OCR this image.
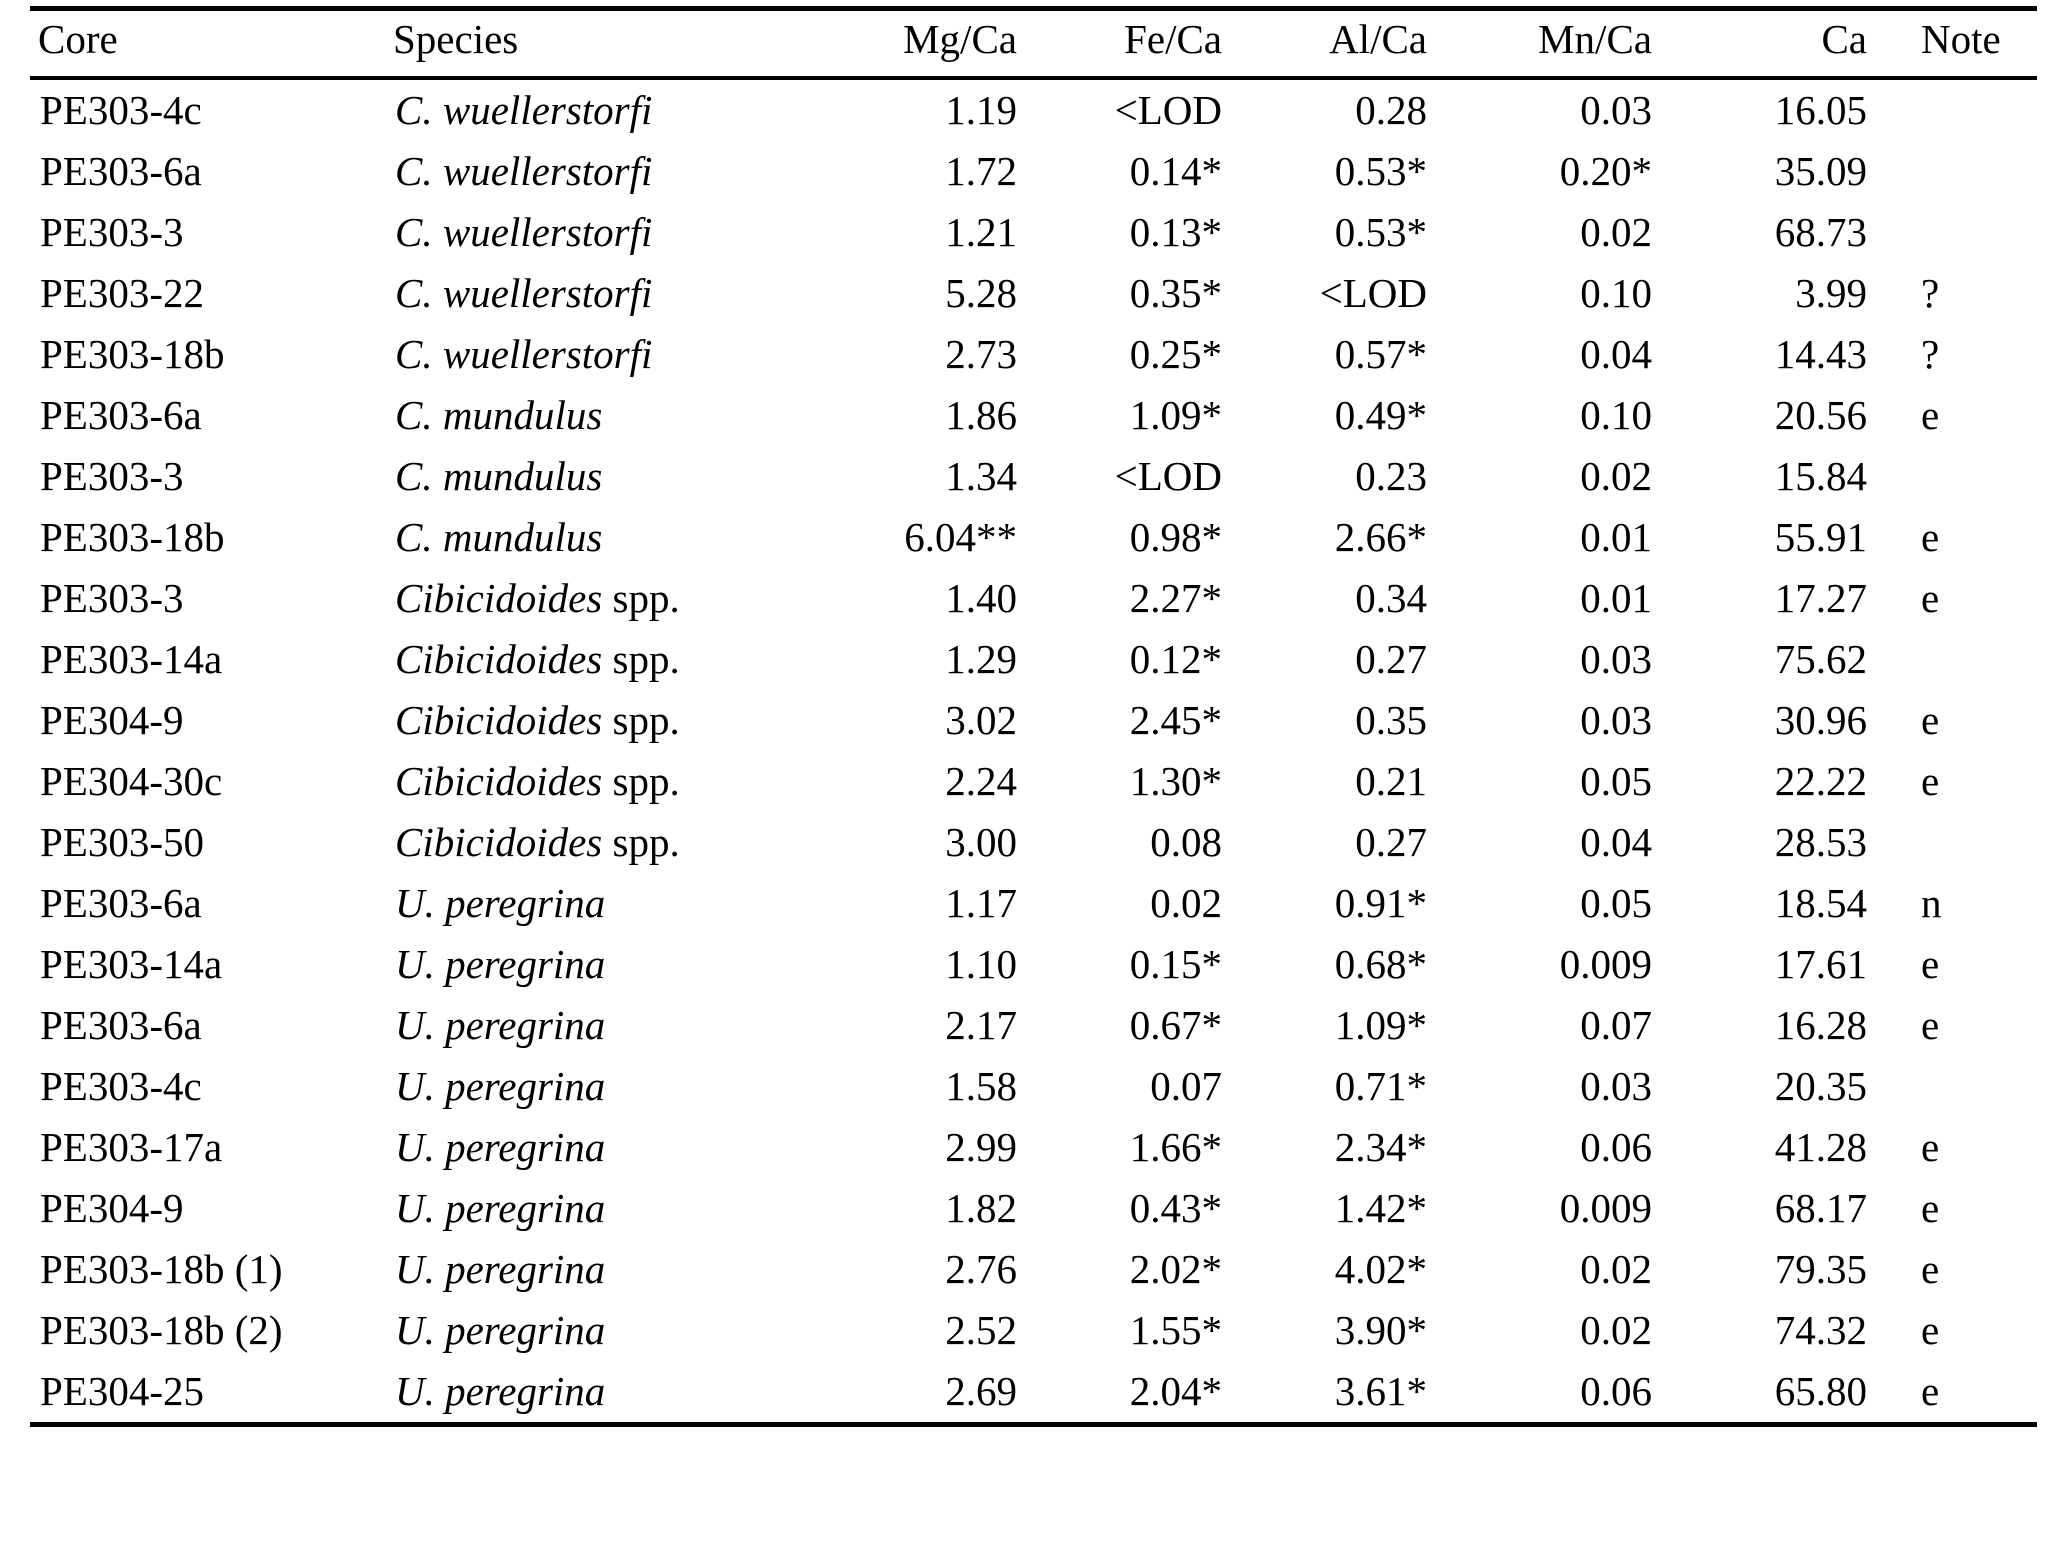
Core	Species	Mg/Ca	Fe/Ca	Al/Ca	Mn/Ca	Ca	Note
PE303-4c	C. wuellerstorfi	1.19	<LOD	0.28	0.03	16.05	
PE303-6a	C. wuellerstorfi	1.72	0.14*	0.53*	0.20*	35.09	
PE303-3	C. wuellerstorfi	1.21	0.13*	0.53*	0.02	68.73	
PE303-22	C. wuellerstorfi	5.28	0.35*	<LOD	0.10	3.99	?
PE303-18b	C. wuellerstorfi	2.73	0.25*	0.57*	0.04	14.43	?
PE303-6a	C. mundulus	1.86	1.09*	0.49*	0.10	20.56	e
PE303-3	C. mundulus	1.34	<LOD	0.23	0.02	15.84	
PE303-18b	C. mundulus	6.04**	0.98*	2.66*	0.01	55.91	e
PE303-3	Cibicidoides spp.	1.40	2.27*	0.34	0.01	17.27	e
PE303-14a	Cibicidoides spp.	1.29	0.12*	0.27	0.03	75.62	
PE304-9	Cibicidoides spp.	3.02	2.45*	0.35	0.03	30.96	e
PE304-30c	Cibicidoides spp.	2.24	1.30*	0.21	0.05	22.22	e
PE303-50	Cibicidoides spp.	3.00	0.08	0.27	0.04	28.53	
PE303-6a	U. peregrina	1.17	0.02	0.91*	0.05	18.54	n
PE303-14a	U. peregrina	1.10	0.15*	0.68*	0.009	17.61	e
PE303-6a	U. peregrina	2.17	0.67*	1.09*	0.07	16.28	e
PE303-4c	U. peregrina	1.58	0.07	0.71*	0.03	20.35	
PE303-17a	U. peregrina	2.99	1.66*	2.34*	0.06	41.28	e
PE304-9	U. peregrina	1.82	0.43*	1.42*	0.009	68.17	e
PE303-18b (1)	U. peregrina	2.76	2.02*	4.02*	0.02	79.35	e
PE303-18b (2)	U. peregrina	2.52	1.55*	3.90*	0.02	74.32	e
PE304-25	U. peregrina	2.69	2.04*	3.61*	0.06	65.80	e
